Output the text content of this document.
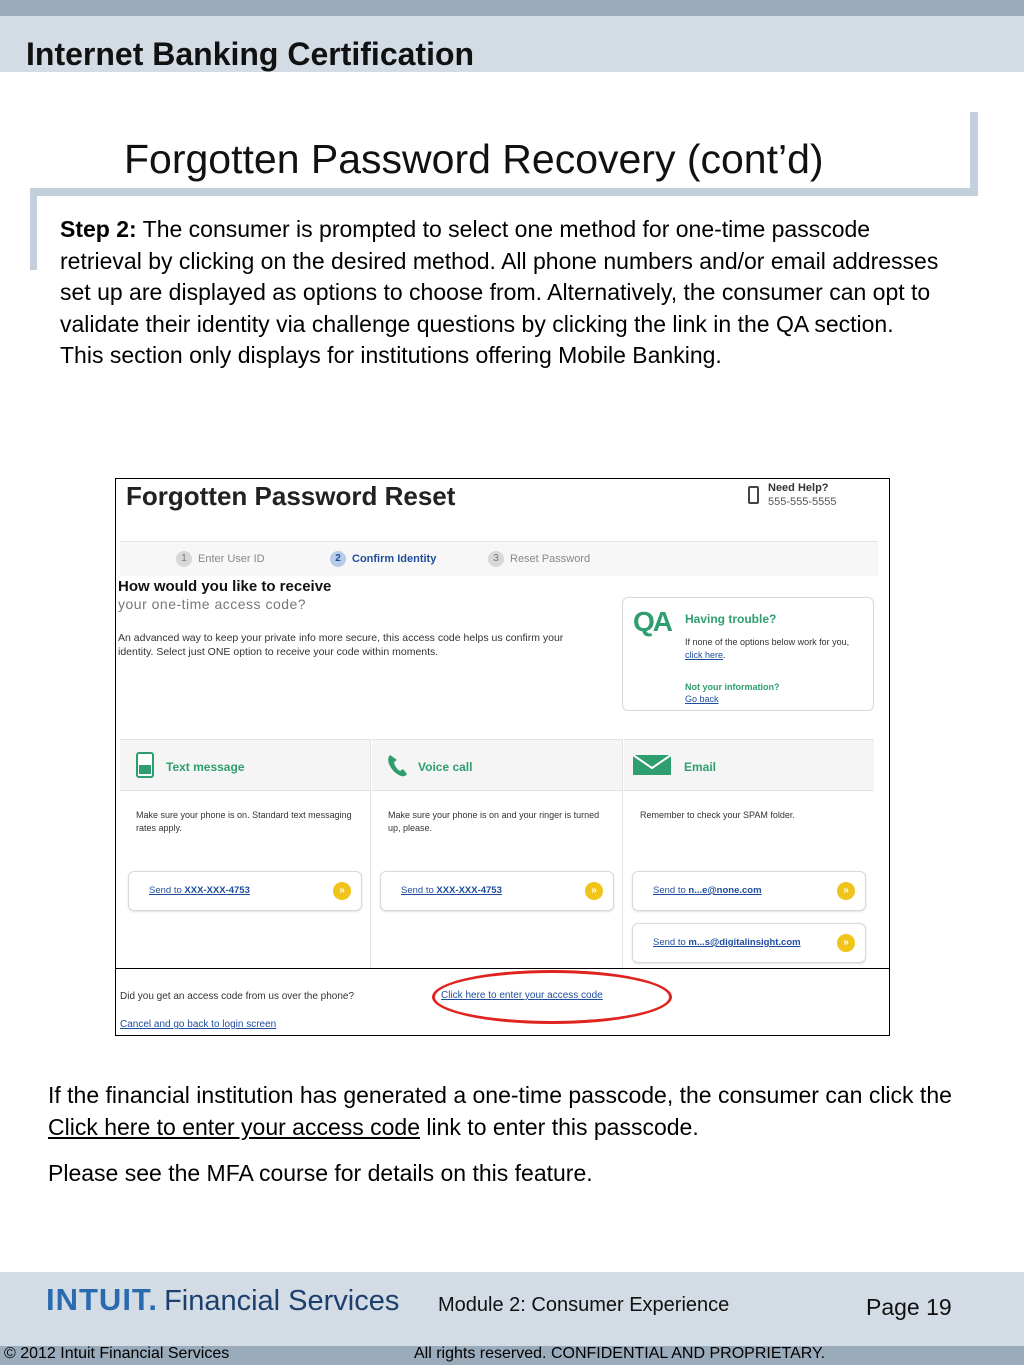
Internet Banking Certification
Forgotten Password Recovery (cont’d)
Step 2: The consumer is prompted to select one method for one-time passcode retrieval by clicking on the desired method. All phone numbers and/or email addresses set up are displayed as options to choose from. Alternatively, the consumer can opt to validate their identity via challenge questions by clicking the link in the QA section.
This section only displays for institutions offering Mobile Banking.
Forgotten Password Reset	Need Help?
555-555-5555
1 Enter User ID	2 Confirm Identity	3 Reset Password
How would you like to receive
your one-time access code?
An advanced way to keep your private info more secure, this access code helps us confirm your identity. Select just ONE option to receive your code within moments.
QA Having trouble?
If none of the options below work for you, click here.
Not your information?
Go back
Text message
Make sure your phone is on. Standard text messaging rates apply.
Send to XXX-XXX-4753	»
Voice call
Make sure your phone is on and your ringer is turned up, please.
Send to XXX-XXX-4753	»
Email
Remember to check your SPAM folder.
Send to n...e@none.com	»
Send to m...s@digitalinsight.com	»
Did you get an access code from us over the phone?	Click here to enter your access code
Cancel and go back to login screen
If the financial institution has generated a one-time passcode, the consumer can click the Click here to enter your access code link to enter this passcode.
Please see the MFA course for details on this feature.
INTUIT. Financial Services Module 2: Consumer Experience	Page 19
© 2012 Intuit Financial Services	All rights reserved. CONFIDENTIAL AND PROPRIETARY.
